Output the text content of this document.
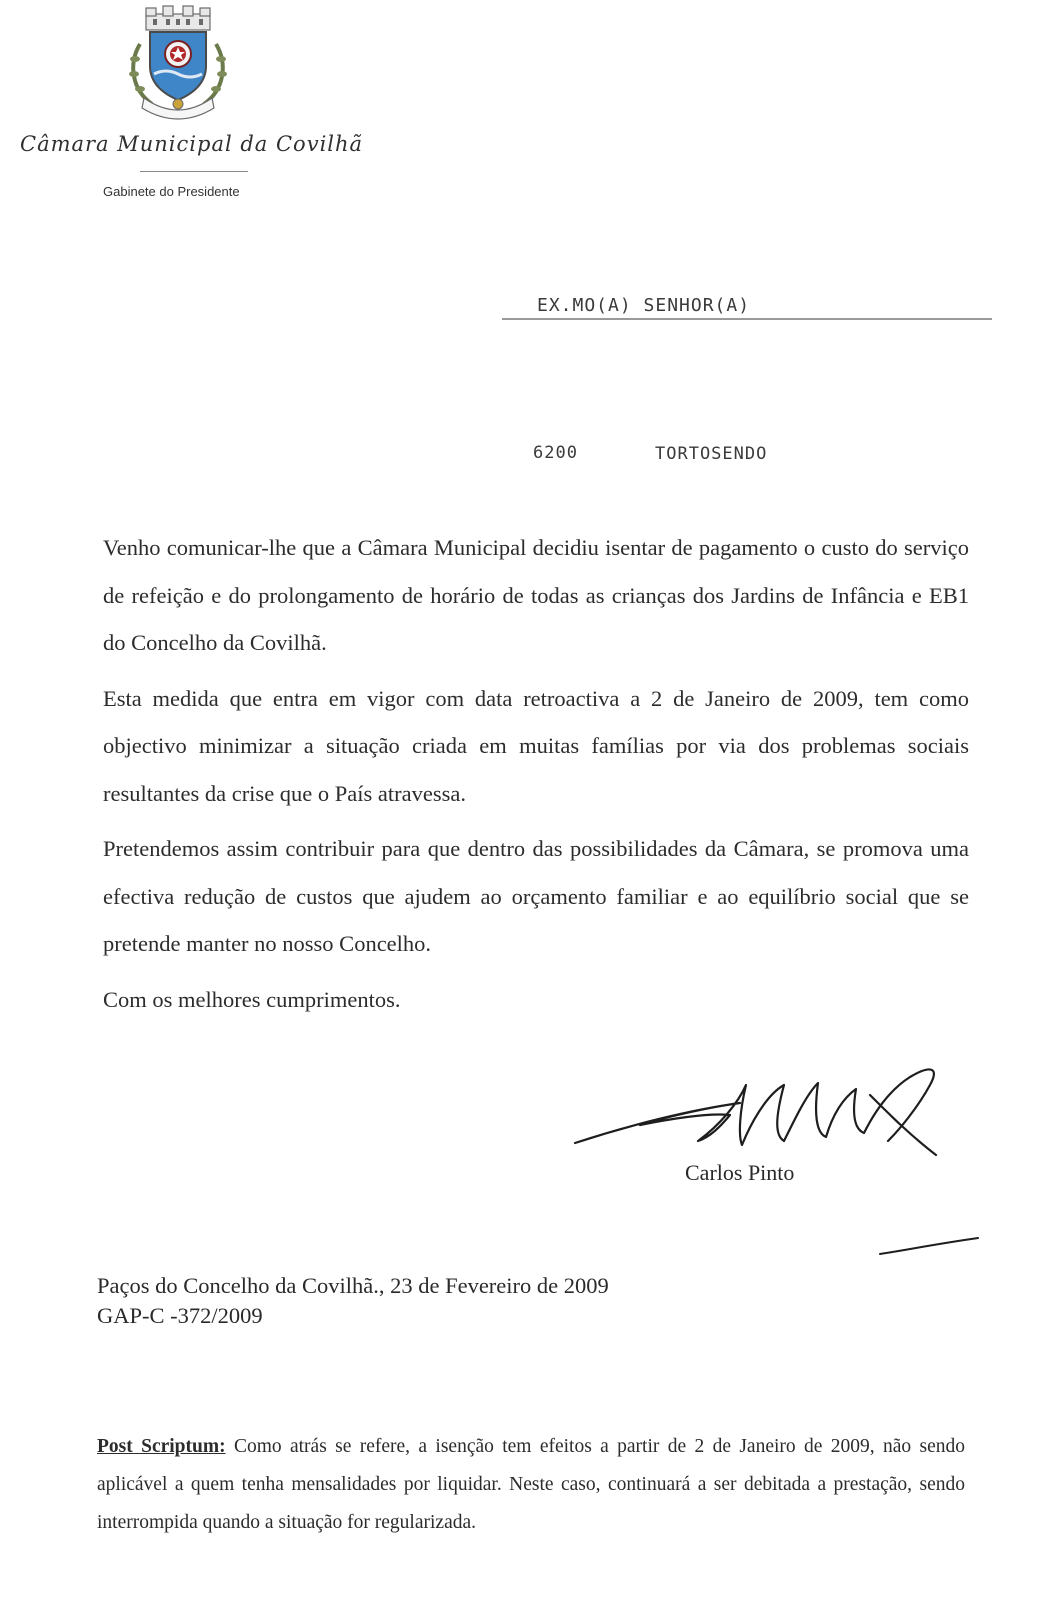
Câmara Municipal da Covilhã
Gabinete do Presidente
EX.MO(A) SENHOR(A)
6200	TORTOSENDO

Venho comunicar-lhe que a Câmara Municipal decidiu isentar de pagamento o custo do serviço de refeição e do prolongamento de horário de todas as crianças dos Jardins de Infância e EB1 do Concelho da Covilhã.

Esta medida que entra em vigor com data retroactiva a 2 de Janeiro de 2009, tem como objectivo minimizar a situação criada em muitas famílias por via dos problemas sociais resultantes da crise que o País atravessa.

Pretendemos assim contribuir para que dentro das possibilidades da Câmara, se promova uma efectiva redução de custos que ajudem ao orçamento familiar e ao equilíbrio social que se pretende manter no nosso Concelho.

Com os melhores cumprimentos.

Carlos Pinto
Paços do Concelho da Covilhã., 23 de Fevereiro de 2009
GAP-C -372/2009
Post Scriptum: Como atrás se refere, a isenção tem efeitos a partir de 2 de Janeiro de 2009, não sendo aplicável a quem tenha mensalidades por liquidar. Neste caso, continuará a ser debitada a prestação, sendo interrompida quando a situação for regularizada.
